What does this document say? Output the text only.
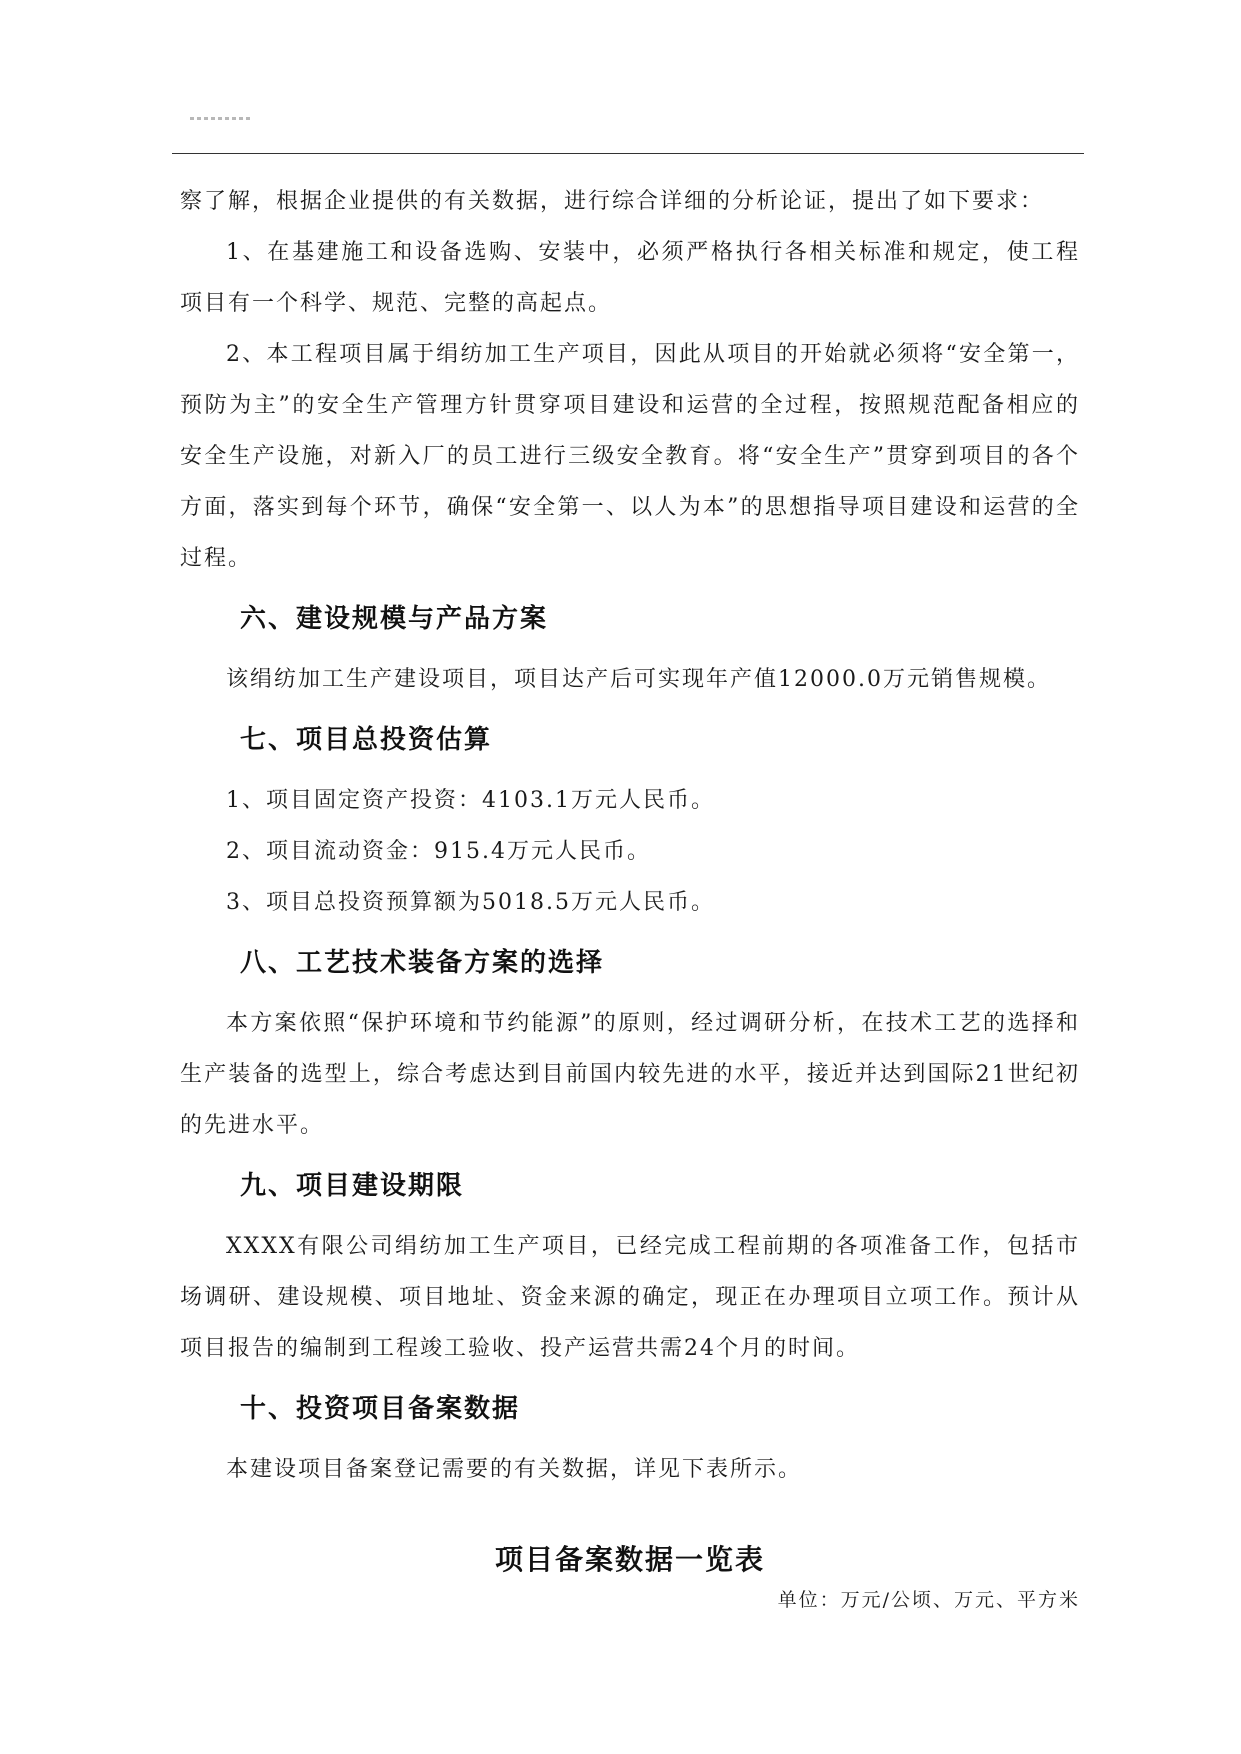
察了解，根据企业提供的有关数据，进行综合详细的分析论证，提出了如下要求：

1、在基建施工和设备选购、安装中，必须严格执行各相关标准和规定，使工程项目有一个科学、规范、完整的高起点。

2、本工程项目属于绢纺加工生产项目，因此从项目的开始就必须将“安全第一，预防为主”的安全生产管理方针贯穿项目建设和运营的全过程，按照规范配备相应的安全生产设施，对新入厂的员工进行三级安全教育。将“安全生产”贯穿到项目的各个方面，落实到每个环节，确保“安全第一、以人为本”的思想指导项目建设和运营的全过程。

六、建设规模与产品方案

该绢纺加工生产建设项目，项目达产后可实现年产值12000.0万元销售规模。

七、项目总投资估算

1、项目固定资产投资：4103.1万元人民币。

2、项目流动资金：915.4万元人民币。

3、项目总投资预算额为5018.5万元人民币。

八、工艺技术装备方案的选择

本方案依照“保护环境和节约能源”的原则，经过调研分析，在技术工艺的选择和生产装备的选型上，综合考虑达到目前国内较先进的水平，接近并达到国际21世纪初的先进水平。

九、项目建设期限

XXXX有限公司绢纺加工生产项目，已经完成工程前期的各项准备工作，包括市场调研、建设规模、项目地址、资金来源的确定，现正在办理项目立项工作。预计从项目报告的编制到工程竣工验收、投产运营共需24个月的时间。

十、投资项目备案数据

本建设项目备案登记需要的有关数据，详见下表所示。

项目备案数据一览表
单位：万元/公顷、万元、平方米
